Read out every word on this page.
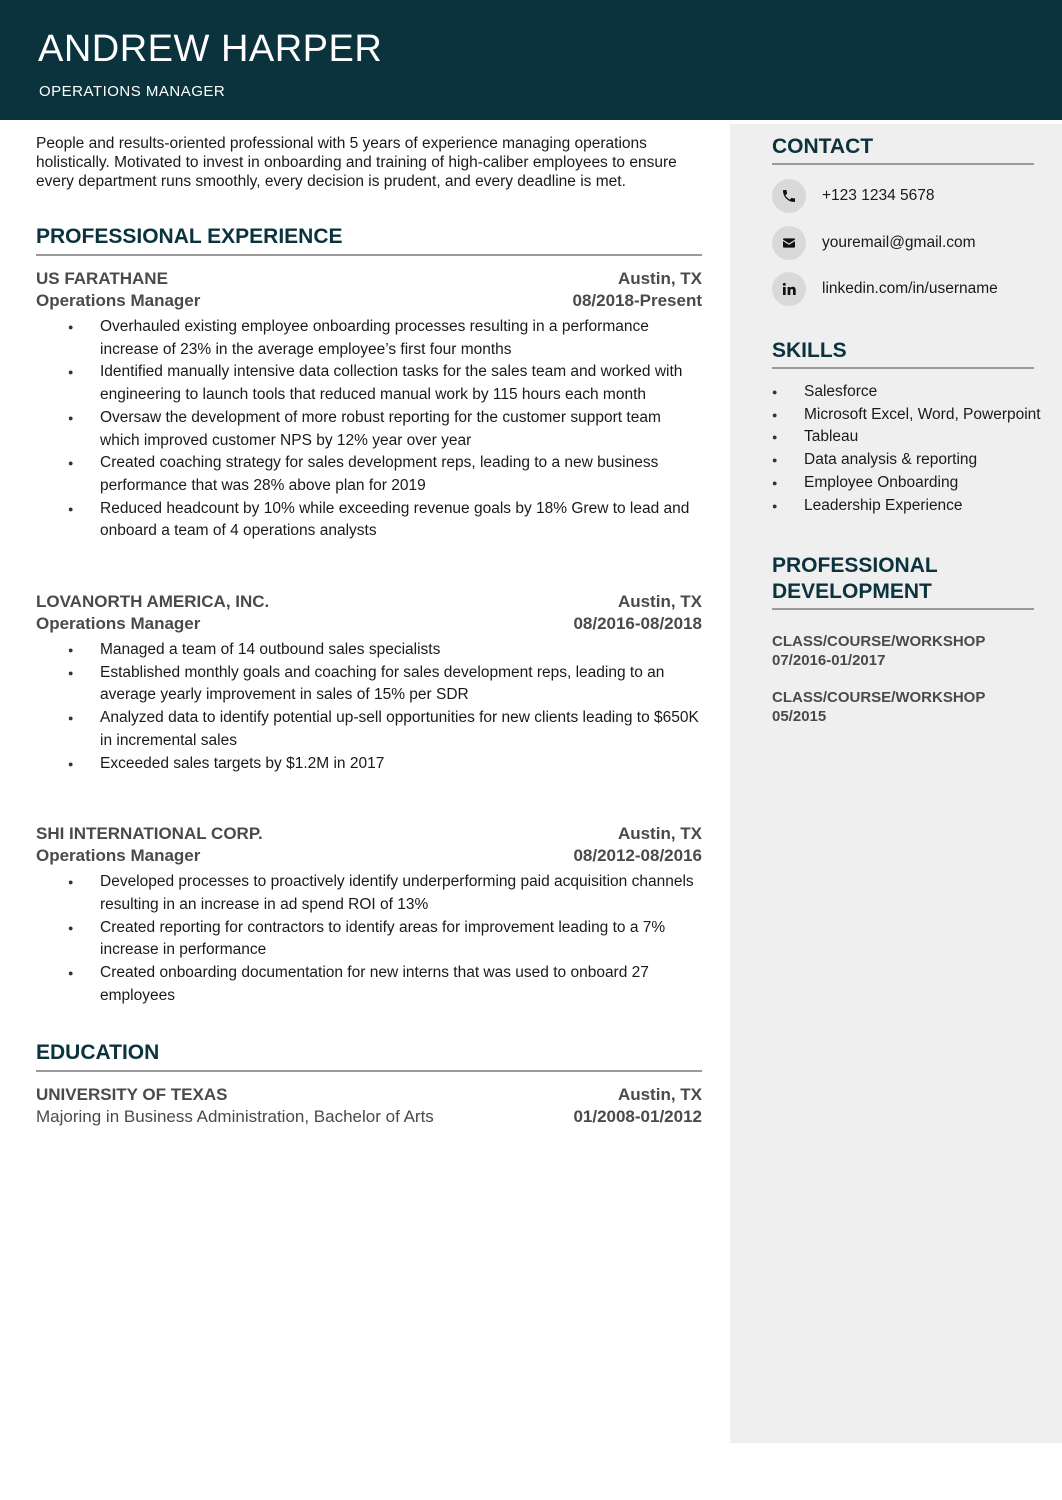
ANDREW HARPER
OPERATIONS MANAGER

People and results-oriented professional with 5 years of experience managing operations holistically. Motivated to invest in onboarding and training of high-caliber employees to ensure every department runs smoothly, every decision is prudent, and every deadline is met.

PROFESSIONAL EXPERIENCE
US FARATHANE	Austin, TX
Operations Manager	08/2018-Present
● Overhauled existing employee onboarding processes resulting in a performance increase of 23% in the average employee’s first four months
● Identified manually intensive data collection tasks for the sales team and worked with engineering to launch tools that reduced manual work by 115 hours each month
● Oversaw the development of more robust reporting for the customer support team which improved customer NPS by 12% year over year
● Created coaching strategy for sales development reps, leading to a new business performance that was 28% above plan for 2019
● Reduced headcount by 10% while exceeding revenue goals by 18% Grew to lead and onboard a team of 4 operations analysts
LOVANORTH AMERICA, INC.	Austin, TX
Operations Manager	08/2016-08/2018
● Managed a team of 14 outbound sales specialists
● Established monthly goals and coaching for sales development reps, leading to an average yearly improvement in sales of 15% per SDR
● Analyzed data to identify potential up-sell opportunities for new clients leading to $650K in incremental sales
● Exceeded sales targets by $1.2M in 2017
SHI INTERNATIONAL CORP.	Austin, TX
Operations Manager	08/2012-08/2016
● Developed processes to proactively identify underperforming paid acquisition channels resulting in an increase in ad spend ROI of 13%
● Created reporting for contractors to identify areas for improvement leading to a 7% increase in performance
● Created onboarding documentation for new interns that was used to onboard 27 employees
EDUCATION
UNIVERSITY OF TEXAS	Austin, TX
Majoring in Business Administration, Bachelor of Arts	01/2008-01/2012
CONTACT
+123 1234 5678
youremail@gmail.com
linkedin.com/in/username
SKILLS
● Salesforce
● Microsoft Excel, Word, Powerpoint
● Tableau
● Data analysis & reporting
● Employee Onboarding
● Leadership Experience
PROFESSIONAL
DEVELOPMENT
CLASS/COURSE/WORKSHOP
07/2016-01/2017
CLASS/COURSE/WORKSHOP
05/2015
